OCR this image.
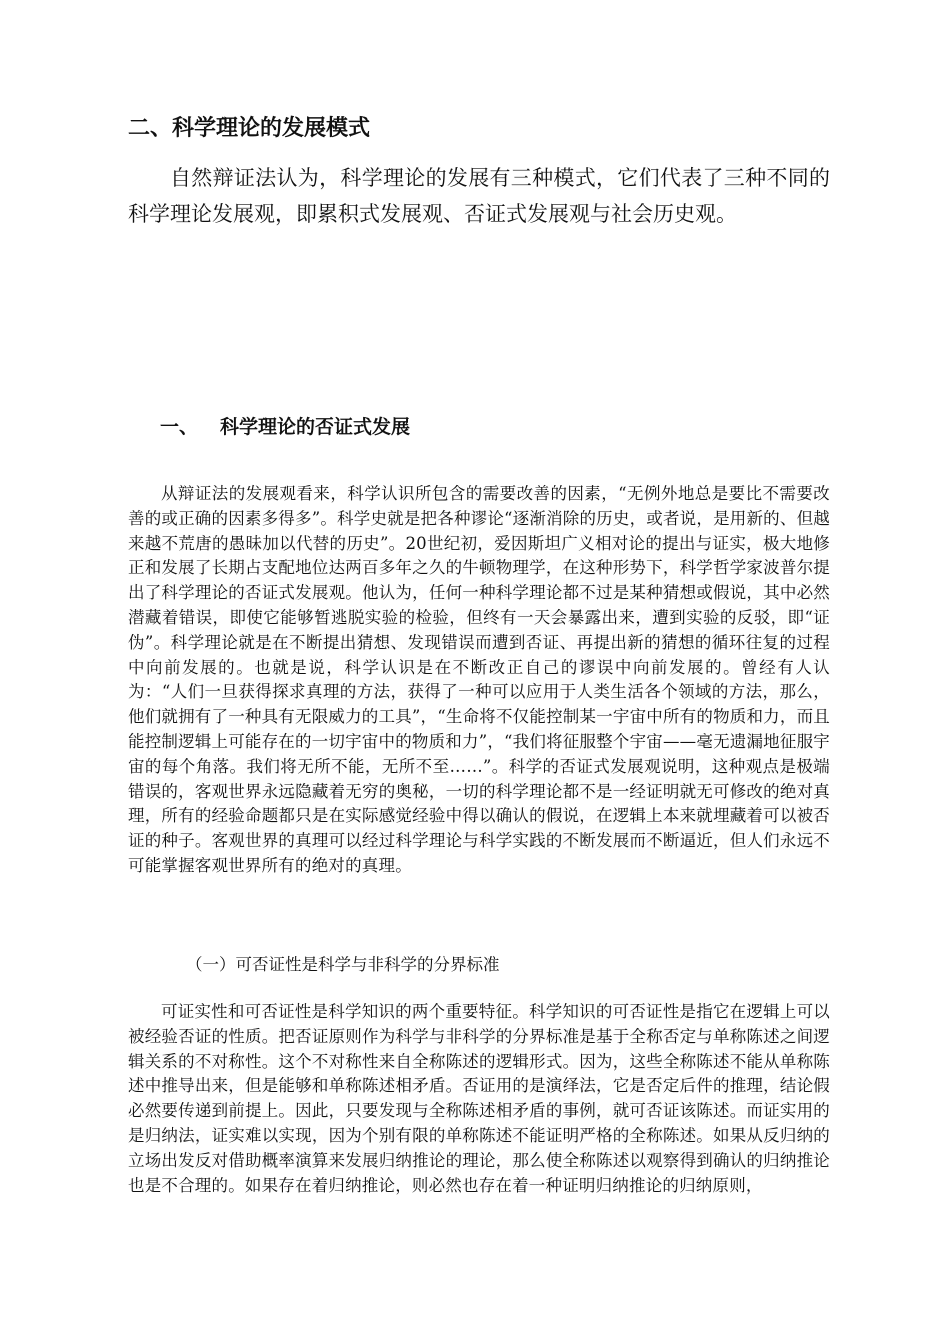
二、科学理论的发展模式

自然辩证法认为，科学理论的发展有三种模式，它们代表了三种不同的科学理论发展观，即累积式发展观、否证式发展观与社会历史观。

一、 科学理论的否证式发展

从辩证法的发展观看来，科学认识所包含的需要改善的因素，“无例外地总是要比不需要改善的或正确的因素多得多”。科学史就是把各种谬论“逐渐消除的历史，或者说，是用新的、但越来越不荒唐的愚昧加以代替的历史”。20世纪初，爱因斯坦广义相对论的提出与证实，极大地修正和发展了长期占支配地位达两百多年之久的牛顿物理学，在这种形势下，科学哲学家波普尔提出了科学理论的否证式发展观。他认为，任何一种科学理论都不过是某种猜想或假说，其中必然潜藏着错误，即使它能够暂逃脱实验的检验，但终有一天会暴露出来，遭到实验的反驳，即“证伪”。科学理论就是在不断提出猜想、发现错误而遭到否证、再提出新的猜想的循环往复的过程中向前发展的。也就是说，科学认识是在不断改正自己的谬误中向前发展的。曾经有人认为：“人们一旦获得探求真理的方法，获得了一种可以应用于人类生活各个领域的方法，那么，他们就拥有了一种具有无限威力的工具”，“生命将不仅能控制某一宇宙中所有的物质和力，而且能控制逻辑上可能存在的一切宇宙中的物质和力”，“我们将征服整个宇宙——毫无遗漏地征服宇宙的每个角落。我们将无所不能，无所不至……”。科学的否证式发展观说明，这种观点是极端错误的，客观世界永远隐藏着无穷的奥秘，一切的科学理论都不是一经证明就无可修改的绝对真理，所有的经验命题都只是在实际感觉经验中得以确认的假说，在逻辑上本来就埋藏着可以被否证的种子。客观世界的真理可以经过科学理论与科学实践的不断发展而不断逼近，但人们永远不可能掌握客观世界所有的绝对的真理。

（一）可否证性是科学与非科学的分界标准

可证实性和可否证性是科学知识的两个重要特征。科学知识的可否证性是指它在逻辑上可以被经验否证的性质。把否证原则作为科学与非科学的分界标准是基于全称否定与单称陈述之间逻辑关系的不对称性。这个不对称性来自全称陈述的逻辑形式。因为，这些全称陈述不能从单称陈述中推导出来，但是能够和单称陈述相矛盾。否证用的是演绎法，它是否定后件的推理，结论假必然要传递到前提上。因此，只要发现与全称陈述相矛盾的事例，就可否证该陈述。而证实用的是归纳法，证实难以实现，因为个别有限的单称陈述不能证明严格的全称陈述。如果从反归纳的立场出发反对借助概率演算来发展归纳推论的理论，那么使全称陈述以观察得到确认的归纳推论也是不合理的。如果存在着归纳推论，则必然也存在着一种证明归纳推论的归纳原则，
